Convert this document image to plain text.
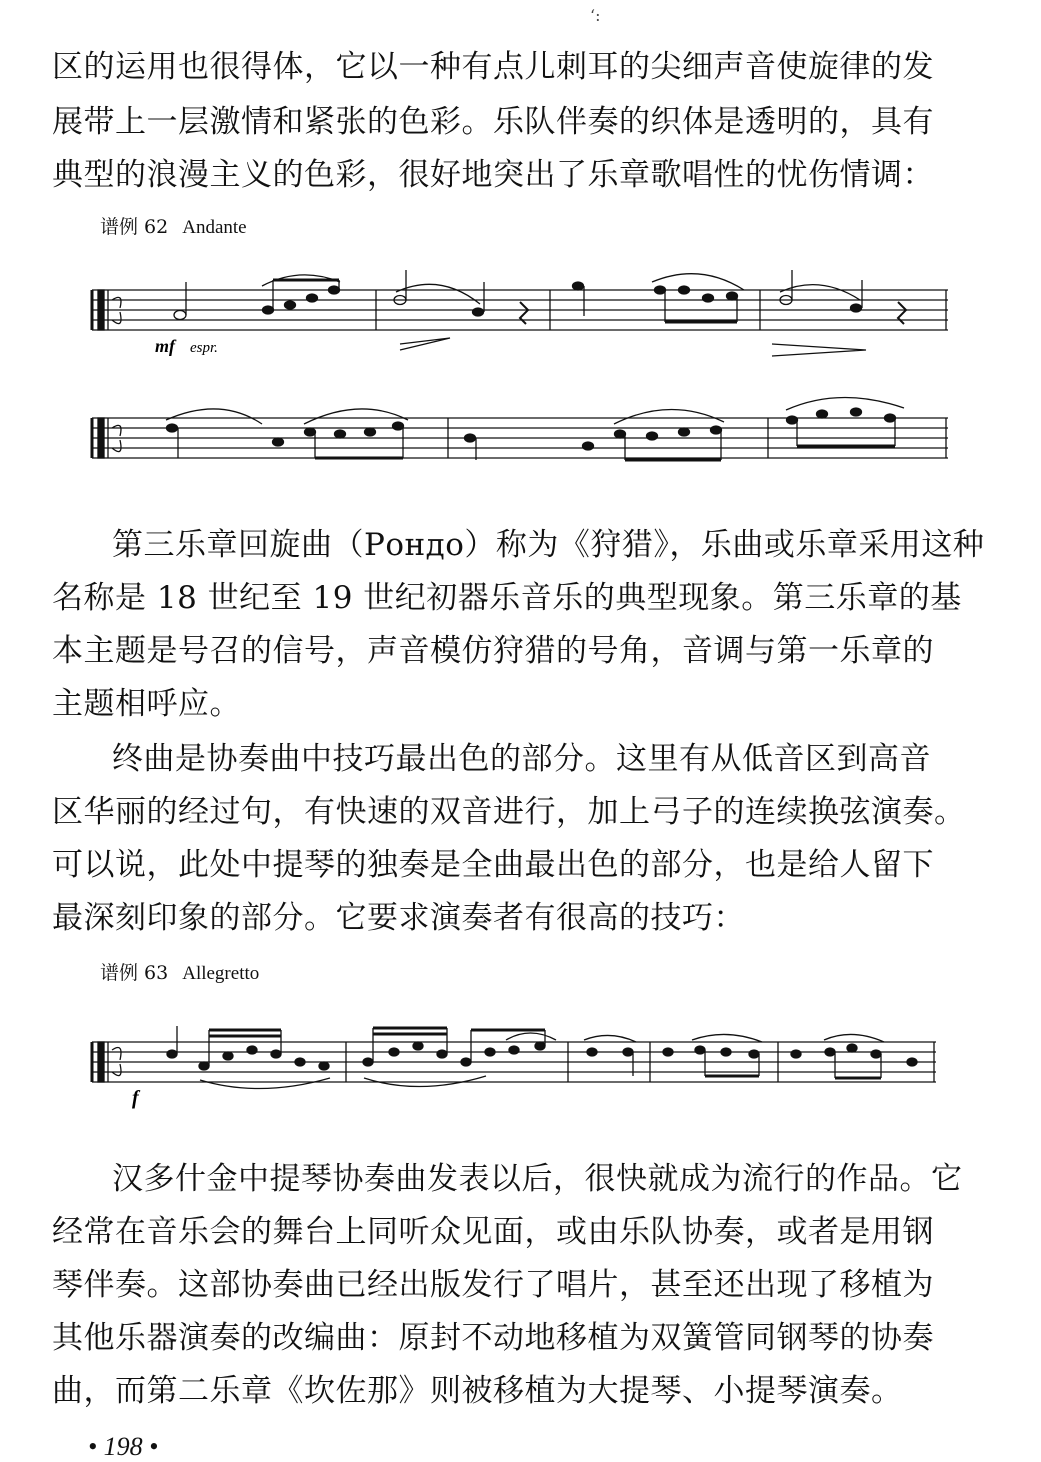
ʻ:
区的运用也很得体，它以一种有点儿刺耳的尖细声音使旋律的发
展带上一层激情和紧张的色彩。乐队伴奏的织体是透明的，具有
典型的浪漫主义的色彩，很好地突出了乐章歌唱性的忧伤情调：
谱例 62 Andante
mf espr.
第三乐章回旋曲（Рондо）称为《狩猎》，乐曲或乐章采用这种
名称是 18 世纪至 19 世纪初器乐音乐的典型现象。第三乐章的基
本主题是号召的信号，声音模仿狩猎的号角，音调与第一乐章的
主题相呼应。
终曲是协奏曲中技巧最出色的部分。这里有从低音区到高音
区华丽的经过句，有快速的双音进行，加上弓子的连续换弦演奏。
可以说，此处中提琴的独奏是全曲最出色的部分，也是给人留下
最深刻印象的部分。它要求演奏者有很高的技巧：
谱例 63 Allegretto
f
汉多什金中提琴协奏曲发表以后，很快就成为流行的作品。它
经常在音乐会的舞台上同听众见面，或由乐队协奏，或者是用钢
琴伴奏。这部协奏曲已经出版发行了唱片，甚至还出现了移植为
其他乐器演奏的改编曲：原封不动地移植为双簧管同钢琴的协奏
曲，而第二乐章《坎佐那》则被移植为大提琴、小提琴演奏。
• 198 •
